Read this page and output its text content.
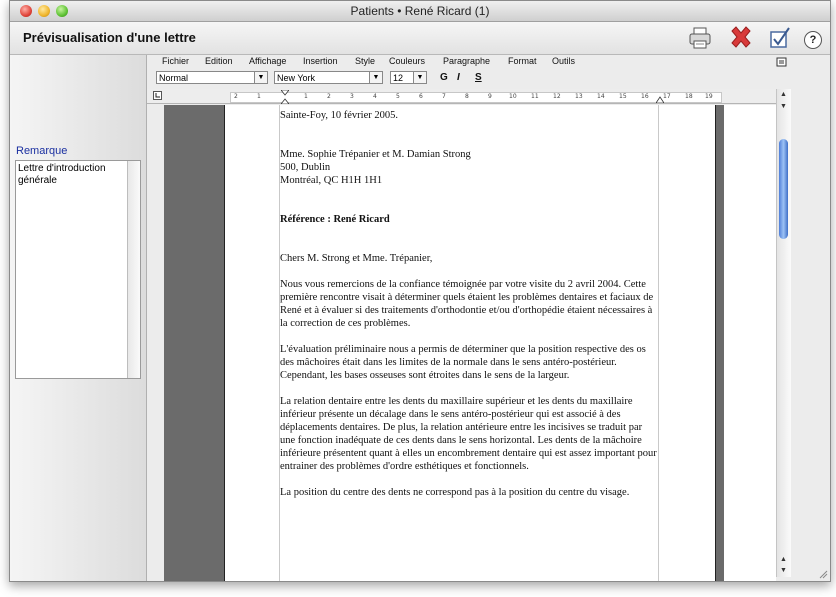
Patients • René Ricard (1)
Prévisualisation d'une lettre	?
Remarque
Lettre d'introduction générale
Fichier Edition Affichage Insertion Style Couleurs Paragraphe Format Outils
Normal	▼	New York	▼	12	▼ G I S
2	1	1	2	3	4	5	6	7	8	9	10 11 12 13 14 15 16 17 18 19

Sainte-Foy, 10 février 2005.

Mme. Sophie Trépanier et M. Damian Strong

500, Dublin

Montréal, QC H1H 1H1

Référence : René Ricard

Chers M. Strong et Mme. Trépanier,

Nous vous remercions de la confiance témoignée par votre visite du 2 avril 2004. Cette première rencontre visait à déterminer quels étaient les problèmes dentaires et faciaux de René et à évaluer si des traitements d'orthodontie et/ou d'orthopédie étaient nécessaires à la correction de ces problèmes.

L'évaluation préliminaire nous a permis de déterminer que la position respective des os des mâchoires était dans les limites de la normale dans le sens antéro-postérieur. Cependant, les bases osseuses sont étroites dans le sens de la largeur.

La relation dentaire entre les dents du maxillaire supérieur et les dents du maxillaire inférieur présente un décalage dans le sens antéro-postérieur qui est associé à des déplacements dentaires. De plus, la relation antérieure entre les incisives se traduit par une fonction inadéquate de ces dents dans le sens horizontal. Les dents de la mâchoire inférieure présentent quant à elles un encombrement dentaire qui est assez important pour entrainer des problèmes d'ordre esthétiques et fonctionnels.

La position du centre des dents ne correspond pas à la position du centre du visage.

▲
▼
▲
▼
